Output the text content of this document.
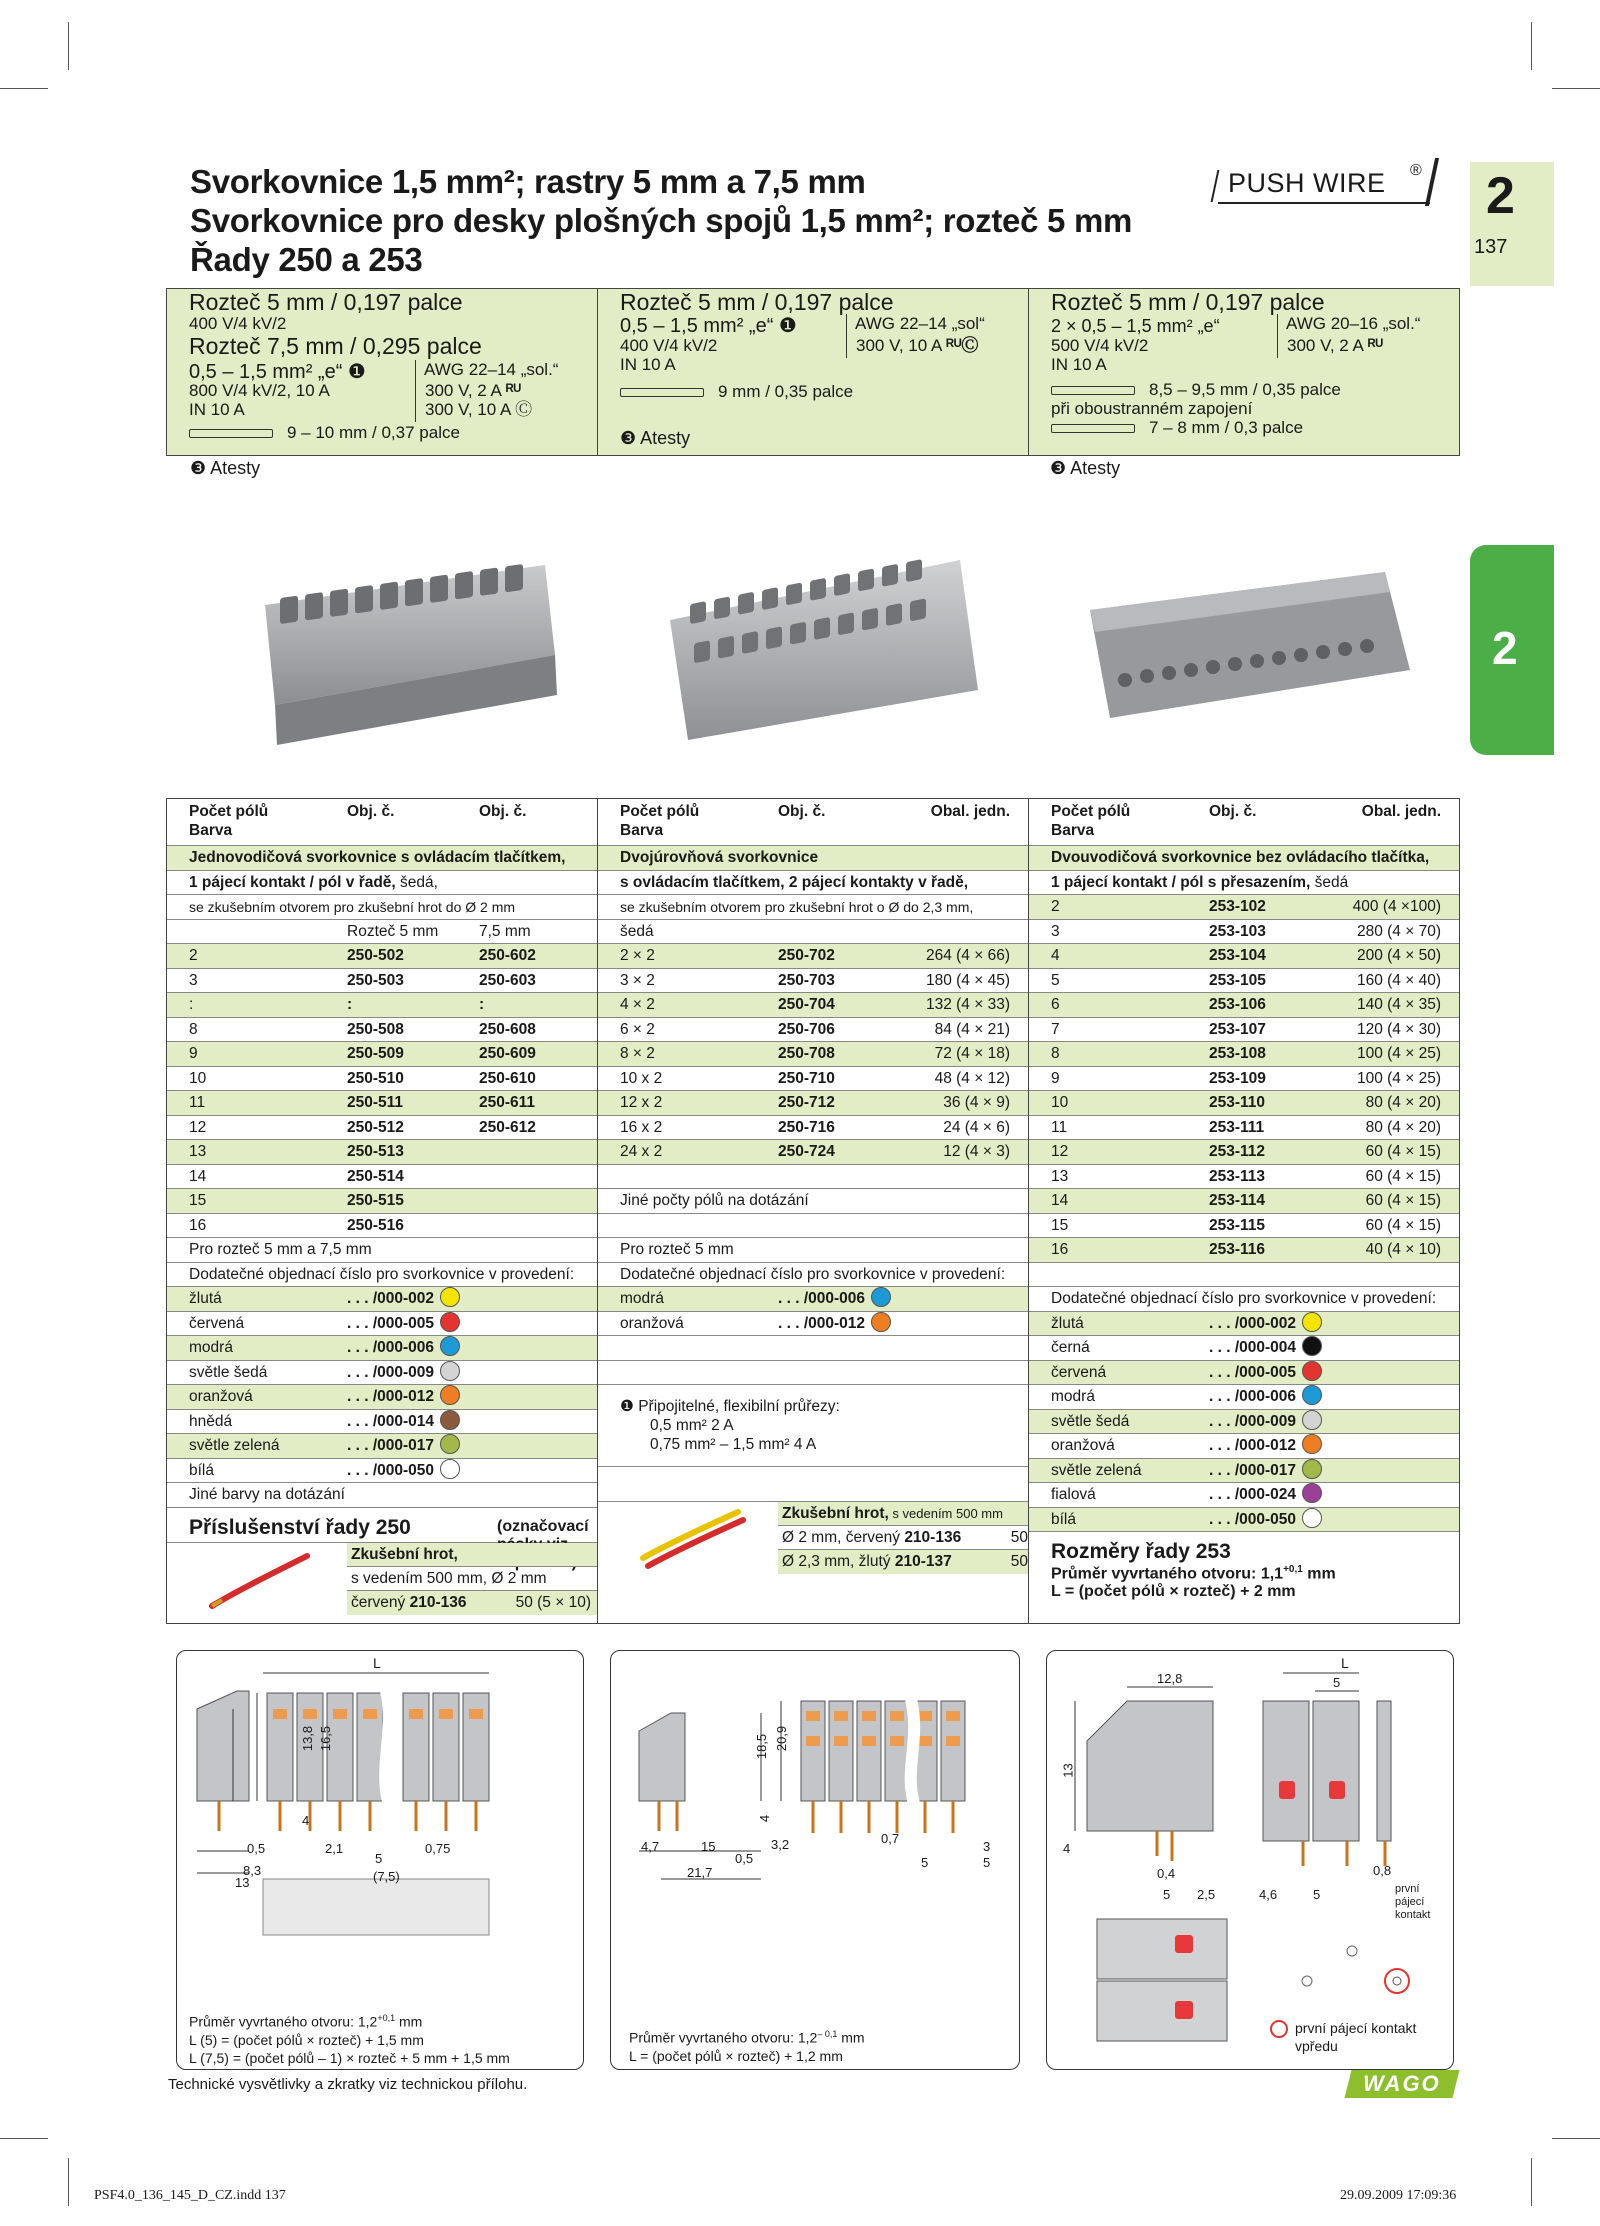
Svorkovnice 1,5 mm²; rastry 5 mm a 7,5 mm
Svorkovnice pro desky plošných spojů 1,5 mm²; rozteč 5 mm
Řady 250 a 253
PUSH WIRE ® 2
137
2
Rozteč 5 mm / 0,197 palce
400 V/4 kV/2
Rozteč 7,5 mm / 0,295 palce
0,5 – 1,5 mm² „e“ ❶	AWG 22–14 „sol.“
800 V/4 kV/2, 10 A	300 V, 2 A ᴿᵁ
IN 10 A	300 V, 10 A Ⓒ
9 – 10 mm / 0,37 palce
Rozteč 5 mm / 0,197 palce
0,5 – 1,5 mm² „e“ ❶	AWG 22–14 „sol“
400 V/4 kV/2	300 V, 10 A ᴿᵁⒸ
IN 10 A
9 mm / 0,35 palce
❸ Atesty
Rozteč 5 mm / 0,197 palce
2 × 0,5 – 1,5 mm² „e“	AWG 20–16 „sol.“
500 V/4 kV/2	300 V, 2 A ᴿᵁ
IN 10 A
8,5 – 9,5 mm / 0,35 palce
při oboustranném zapojení
7 – 8 mm / 0,3 palce
❸ Atesty	❸ Atesty
Počet pólů	Obj. č.	Obj. č.

Barva
Jednovodičová svorkovnice s ovládacím tlačítkem,
1 pájecí kontakt / pól v řadě, šedá,
se zkušebním otvorem pro zkušební hrot do Ø 2 mm
Rozteč 5 mm	7,5 mm
2	250-502	250-602
3	250-503	250-603
:	:	:
8	250-508	250-608
9	250-509	250-609
10	250-510	250-610
11	250-511	250-611
12	250-512	250-612
13	250-513
14	250-514
15	250-515
16	250-516
Pro rozteč 5 mm a 7,5 mm
Dodatečné objednací číslo pro svorkovnice v provedení:
žlutá	. . . /000-002
červená	. . . /000-005
modrá	. . . /000-006
světle šedá	. . . /000-009
oranžová	. . . /000-012
hnědá	. . . /000-014
světle zelená	. . . /000-017
bílá	. . . /000-050
Jiné barvy na dotázání
Příslušenství řady 250	(označovací
Zkušební hrot,
s vedením 500 mm, Ø 2 mm
červený 210-136	50 (5 × 10)
Počet pólů	Obj. č.	Obal. jedn.

Barva
Dvojúrovňová svorkovnice
s ovládacím tlačítkem, 2 pájecí kontakty v řadě,
se zkušebním otvorem pro zkušební hrot o Ø do 2,3 mm,
šedá
2 × 2	250-702	264 (4 × 66)
3 × 2	250-703	180 (4 × 45)
4 × 2	250-704	132 (4 × 33)
6 × 2	250-706	84 (4 × 21)
8 × 2	250-708	72 (4 × 18)
10 x 2	250-710	48 (4 × 12)
12 x 2	250-712	36 (4 × 9)
16 x 2	250-716	24 (4 × 6)
24 x 2	250-724	12 (4 × 3)
Jiné počty pólů na dotázání
Pro rozteč 5 mm
Dodatečné objednací číslo pro svorkovnice v provedení:
modrá	. . . /000-006
oranžová	. . . /000-012
❶ Připojitelné, flexibilní průřezy:
0,5 mm² 2 A
0,75 mm² – 1,5 mm² 4 A
Zkušební hrot, s vedením 500 mm
Ø 2 mm, červený 210-136	50
Ø 2,3 mm, žlutý 210-137	50
Počet pólů	Obj. č.	Obal. jedn.

Barva
Dvouvodičová svorkovnice bez ovládacího tlačítka,
1 pájecí kontakt / pól s přesazením, šedá
2	253-102	400 (4 ×100)
3	253-103	280 (4 × 70)
4	253-104	200 (4 × 50)
5	253-105	160 (4 × 40)
6	253-106	140 (4 × 35)
7	253-107	120 (4 × 30)
8	253-108	100 (4 × 25)
9	253-109	100 (4 × 25)
10	253-110	80 (4 × 20)
11	253-111	80 (4 × 20)
12	253-112	60 (4 × 15)
13	253-113	60 (4 × 15)
14	253-114	60 (4 × 15)
15	253-115	60 (4 × 15)
16	253-116	40 (4 × 10)
Dodatečné objednací číslo pro svorkovnice v provedení:
žlutá	. . . /000-002
černá	. . . /000-004
červená	. . . /000-005
modrá	. . . /000-006
světle šedá	. . . /000-009
oranžová	. . . /000-012
světle zelená	. . . /000-017
fialová	. . . /000-024
bílá	. . . /000-050
Rozměry řady 253
Průměr vyvrtaného otvoru: $1,1^{+0,1}$ mm
L = (počet pólů × rozteč) + 2 mm
L
13,8 16,5
4
0,5
8,3
13
2,1
5
(7,5)
0,75
Průměr vyvrtaného otvoru: $1,2^{+0,1}$ mm
L (5) = (počet pólů × rozteč) + 1,5 mm
L (7,5) = (počet pólů – 1) × rozteč + 5 mm + 1,5 mm
18,5 20,9
4
4,7	15
21,7
3,2
0,5
0,7
3
5	5
Průměr vyvrtaného otvoru: $1,2^{- 0,1}$ mm
L = (počet pólů × rozteč) + 1,2 mm
12,8
L
5
13
4
0,4
5 2,5	4,6	5
0,8
první pájecí kontakt
první pájecí kontakt vpředu
Technické vysvětlivky a zkratky viz technickou přílohu.	WAGO
PSF4.0_136_145_D_CZ.indd 137	29.09.2009 17:09:36
